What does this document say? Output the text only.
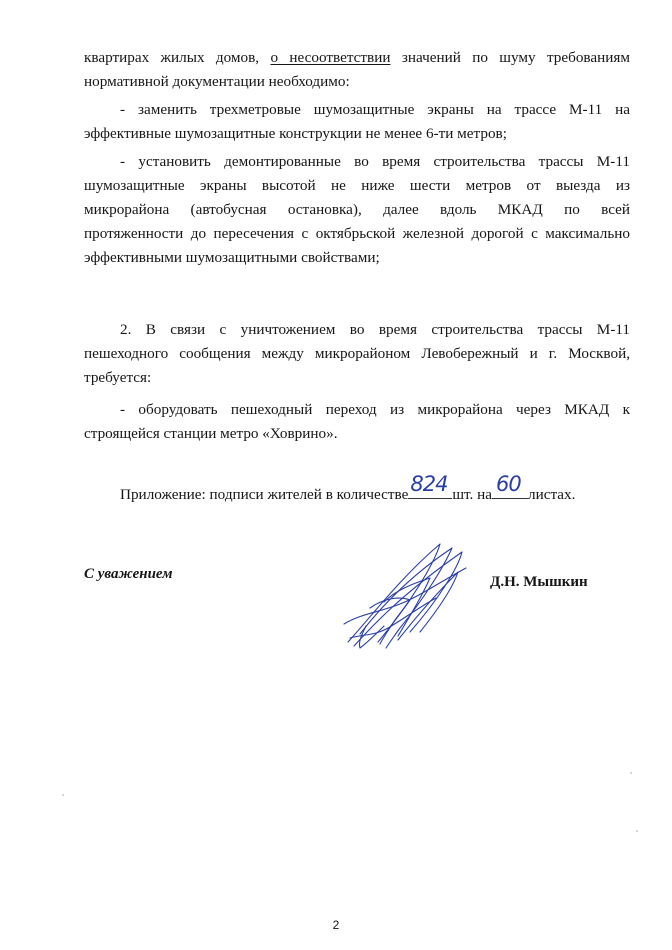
квартирах жилых домов, о несоответствии значений по шуму требованиям
нормативной документации необходимо:
- заменить трехметровые шумозащитные экраны на трассе М-11 на
эффективные шумозащитные конструкции не менее 6-ти метров;
- установить демонтированные во время строительства трассы М-11
шумозащитные экраны высотой не ниже шести метров от выезда из
микрорайона (автобусная остановка), далее вдоль МКАД по всей
протяженности до пересечения с октябрьской железной дорогой с максимально
эффективными шумозащитными свойствами;
2. В связи с уничтожением во время строительства трассы М-11
пешеходного сообщения между микрорайоном Левобережный и г. Москвой,
требуется:
- оборудовать пешеходный переход из микрорайона через МКАД к
строящейся станции метро «Ховрино».
Приложение: подписи жителей в количестве 824 шт. на 60 листах.
С уважением	Д.Н. Мышкин
2
